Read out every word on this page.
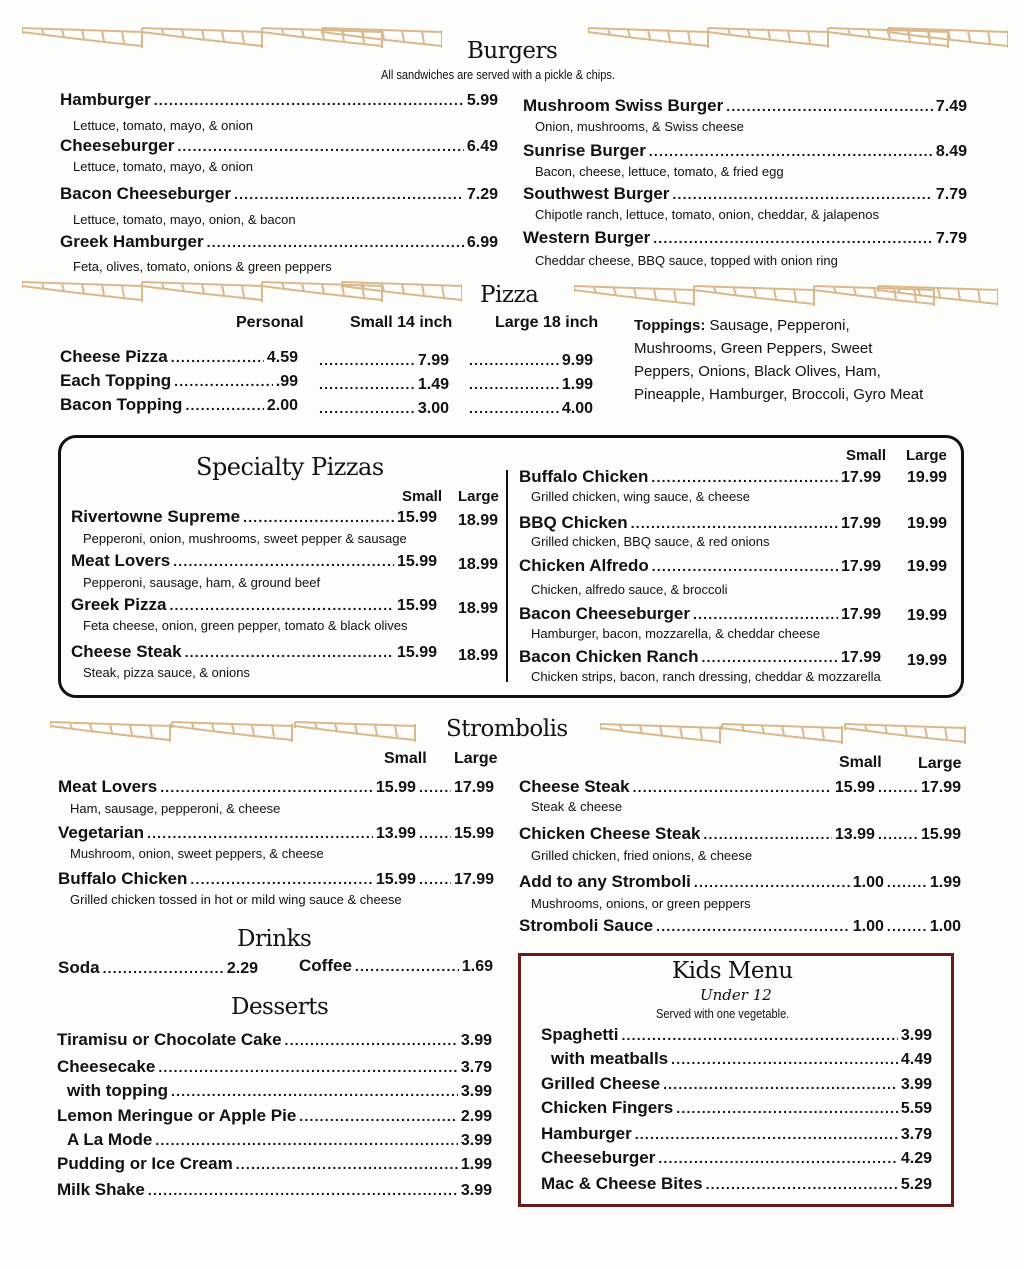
Burgers
All sandwiches are served with a pickle & chips.
Hamburger .....	5.99
Lettuce, tomato, mayo, & onion
Cheeseburger .....	6.49
Lettuce, tomato, mayo, & onion
Bacon Cheeseburger .....	7.29
Lettuce, tomato, mayo, onion, & bacon
Greek Hamburger .....	6.99
Feta, olives, tomato, onions & green peppers
Mushroom Swiss Burger .....	7.49
Onion, mushrooms, & Swiss cheese
Sunrise Burger .....	8.49
Bacon, cheese, lettuce, tomato, & fried egg
Southwest Burger .....	7.79
Chipotle ranch, lettuce, tomato, onion, cheddar, & jalapenos
Western Burger .....	7.79
Cheddar cheese, BBQ sauce, topped with onion ring
Pizza
Personal	Small 14 inch	Large 18 inch
Cheese Pizza .....	4.59 .....	7.99 .....	9.99
Each Topping .....	.99 .....	1.49 .....	1.99
Bacon Topping .....	2.00 .....	3.00 .....	4.00
Toppings: Sausage, Pepperoni, Mushrooms, Green Peppers, Sweet Peppers, Onions, Black Olives, Ham, Pineapple, Hamburger, Broccoli, Gyro Meat
Specialty Pizzas
Small Large
Small Large
Rivertowne Supreme .....	15.99 18.99
Pepperoni, onion, mushrooms, sweet pepper & sausage
Meat Lovers .....	15.99 18.99
Pepperoni, sausage, ham, & ground beef
Greek Pizza .....	15.99 18.99
Feta cheese, onion, green pepper, tomato & black olives
Cheese Steak .....	15.99 18.99
Steak, pizza sauce, & onions
Buffalo Chicken .....	17.99 19.99
Grilled chicken, wing sauce, & cheese
BBQ Chicken .....	17.99 19.99
Grilled chicken, BBQ sauce, & red onions
Chicken Alfredo .....	17.99 19.99
Chicken, alfredo sauce, & broccoli
Bacon Cheeseburger .....	17.99 19.99
Hamburger, bacon, mozzarella, & cheddar cheese
Bacon Chicken Ranch .....	17.99 19.99
Chicken strips, bacon, ranch dressing, cheddar & mozzarella
Strombolis
Small Large	Small Large
Meat Lovers .....	15.99 ..... 17.99
Ham, sausage, pepperoni, & cheese
Vegetarian .....	13.99 ..... 15.99
Mushroom, onion, sweet peppers, & cheese
Buffalo Chicken .....	15.99 ..... 17.99
Grilled chicken tossed in hot or mild wing sauce & cheese
Cheese Steak .....	15.99 .....	17.99
Steak & cheese
Chicken Cheese Steak .....	13.99 .....	15.99
Grilled chicken, fried onions, & cheese
Add to any Stromboli .....	1.00 .....	1.99
Mushrooms, onions, or green peppers
Stromboli Sauce .....	1.00 .....	1.00
Drinks
Soda .....	2.29 Coffee .....	1.69
Desserts
Tiramisu or Chocolate Cake .....	3.99
Cheesecake .....	3.79
with topping .....	3.99
Lemon Meringue or Apple Pie .....	2.99
A La Mode .....	3.99
Pudding or Ice Cream .....	1.99
Milk Shake .....	3.99
Kids Menu
Under 12
Served with one vegetable.
Spaghetti .....	3.99
with meatballs .....	4.49
Grilled Cheese .....	3.99
Chicken Fingers .....	5.59
Hamburger .....	3.79
Cheeseburger .....	4.29
Mac & Cheese Bites .....	5.29
